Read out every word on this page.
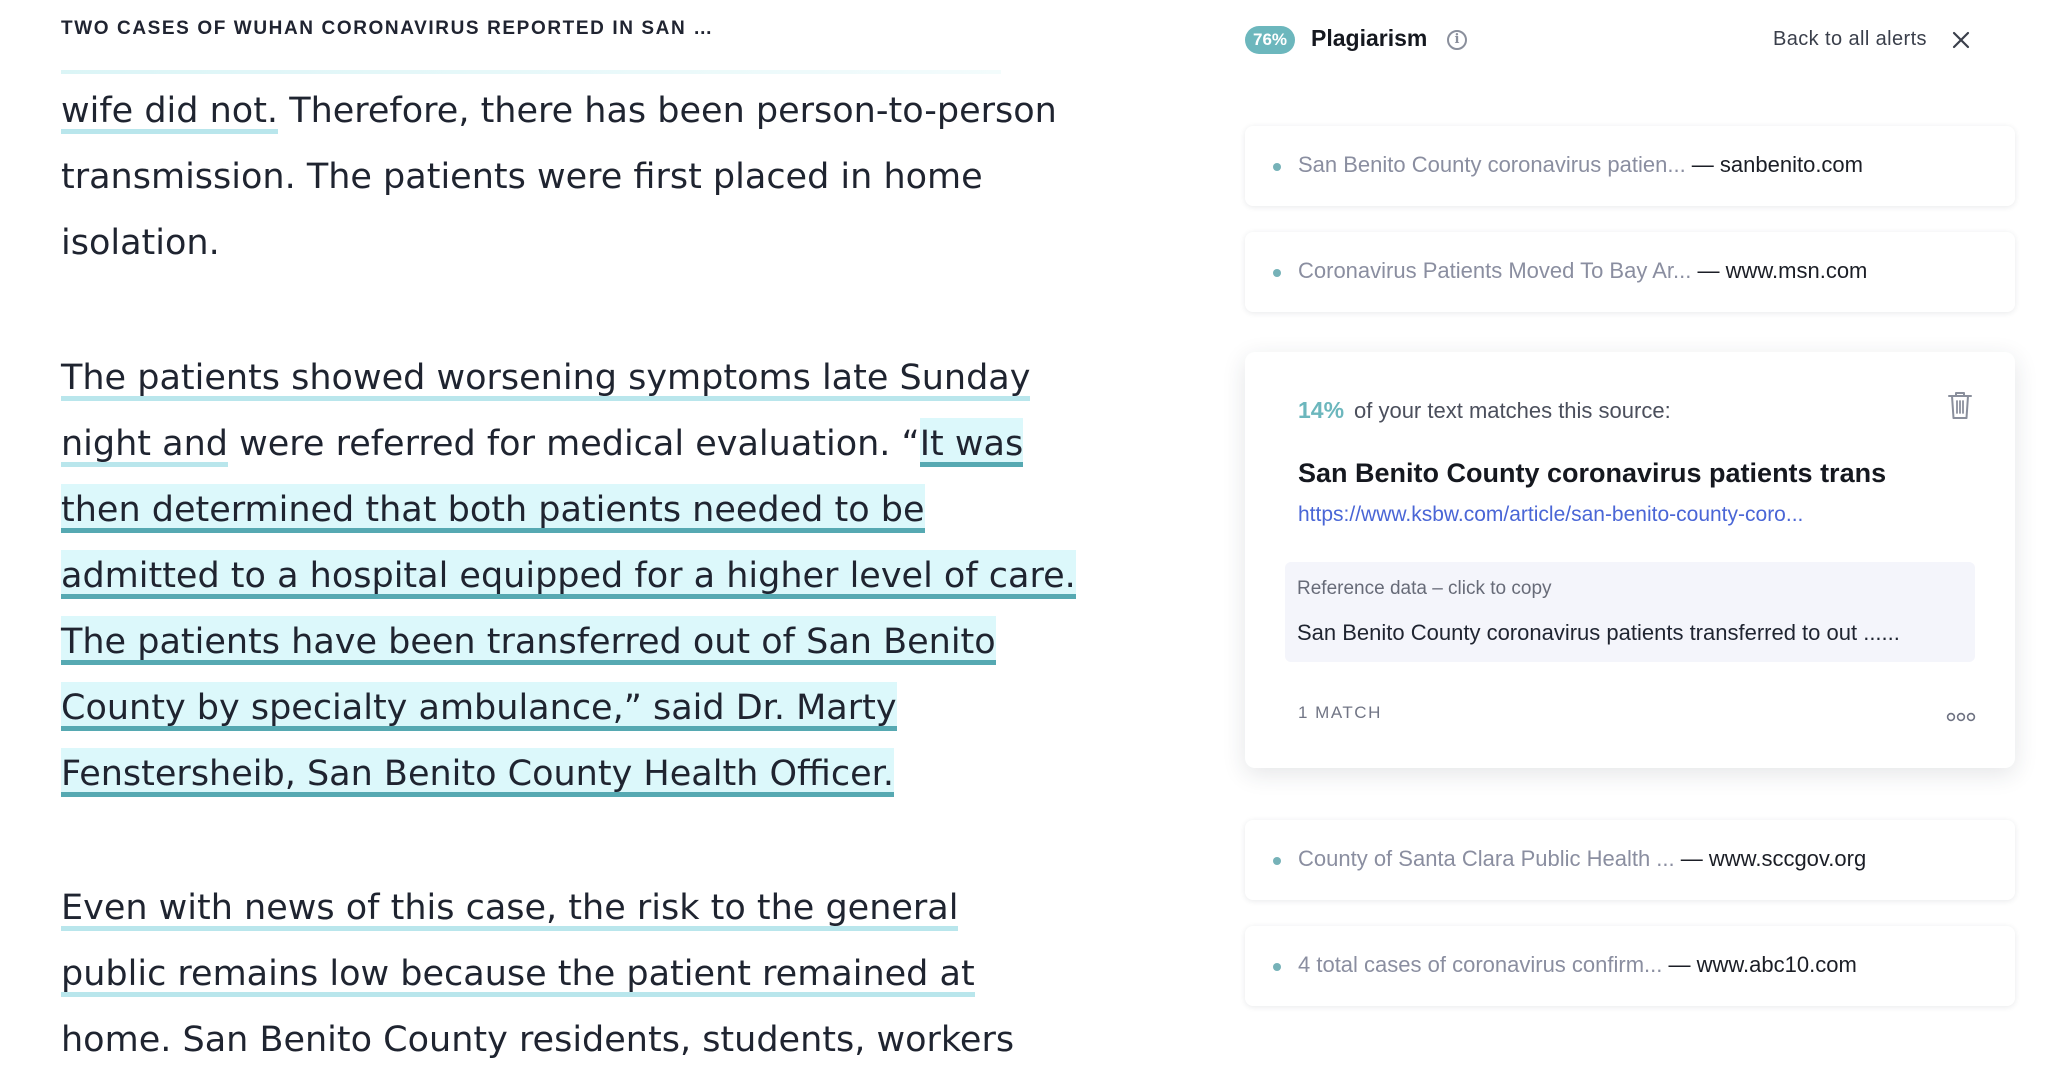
TWO CASES OF WUHAN CORONAVIRUS REPORTED IN SAN …
wife did not. Therefore, there has been person-to-person
transmission. The patients were first placed in home
isolation.
The patients showed worsening symptoms late Sunday
night and were referred for medical evaluation. “It was
then determined that both patients needed to be
admitted to a hospital equipped for a higher level of care.
The patients have been transferred out of San Benito
County by specialty ambulance,” said Dr. Marty
Fenstersheib, San Benito County Health Officer.
Even with news of this case, the risk to the general
public remains low because the patient remained at
home. San Benito County residents, students, workers
76%	Plagiarism	i	Back to all alerts
San Benito County coronavirus patien... — sanbenito.com
Coronavirus Patients Moved To Bay Ar... — www.msn.com
14% of your text matches this source:
San Benito County coronavirus patients trans
https://www.ksbw.com/article/san-benito-county-coro...
Reference data – click to copy
San Benito County coronavirus patients transferred to out ......
1 MATCH
County of Santa Clara Public Health ... — www.sccgov.org
4 total cases of coronavirus confirm... — www.abc10.com
